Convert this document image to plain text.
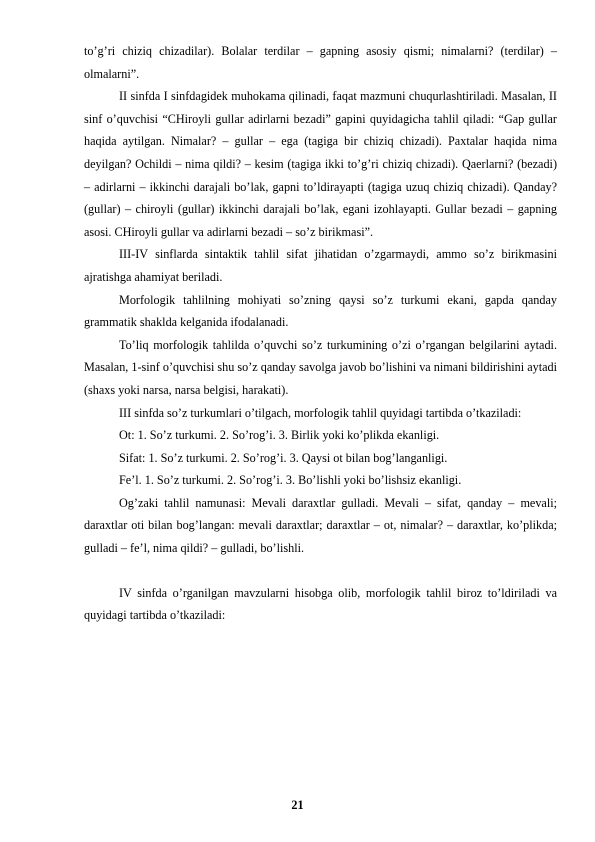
to’g’ri chiziq chizadilar). Bolalar terdilar – gapning asosiy qismi; nimalarni? (terdilar) – olmalarni”.

II sinfda I sinfdagidek muhokama qilinadi, faqat mazmuni chuqurlashtiriladi. Masalan, II sinf o’quvchisi “CHiroyli gullar adirlarni bezadi” gapini quyidagicha tahlil qiladi: “Gap gullar haqida aytilgan. Nimalar? – gullar – ega (tagiga bir chiziq chizadi). Paxtalar haqida nima deyilgan? Ochildi – nima qildi? – kesim (tagiga ikki to’g’ri chiziq chizadi). Qaerlarni? (bezadi) – adirlarni – ikkinchi darajali bo’lak, gapni to’ldirayapti (tagiga uzuq chiziq chizadi). Qanday? (gullar) – chiroyli (gullar) ikkinchi darajali bo’lak, egani izohlayapti. Gullar bezadi – gapning asosi. CHiroyli gullar va adirlarni bezadi – so’z birikmasi”.

III-IV sinflarda sintaktik tahlil sifat jihatidan o’zgarmaydi, ammo so’z birikmasini ajratishga ahamiyat beriladi.

Morfologik tahlilning mohiyati so’zning qaysi so’z turkumi ekani, gapda qanday grammatik shaklda kelganida ifodalanadi.

To’liq morfologik tahlilda o’quvchi so’z turkumining o’zi o’rgangan belgilarini aytadi. Masalan, 1-sinf o’quvchisi shu so’z qanday savolga javob bo’lishini va nimani bildirishini aytadi (shaxs yoki narsa, narsa belgisi, harakati).

III sinfda so’z turkumlari o’tilgach, morfologik tahlil quyidagi tartibda o’tkaziladi:

Ot: 1. So’z turkumi. 2. So’rog’i. 3. Birlik yoki ko’plikda ekanligi.

Sifat: 1. So’z turkumi. 2. So’rog’i. 3. Qaysi ot bilan bog’langanligi.

Fe’l. 1. So’z turkumi. 2. So’rog’i. 3. Bo’lishli yoki bo’lishsiz ekanligi.

Og’zaki tahlil namunasi: Mevali daraxtlar gulladi. Mevali – sifat, qanday – mevali; daraxtlar oti bilan bog’langan: mevali daraxtlar; daraxtlar – ot, nimalar? – daraxtlar, ko’plikda; gulladi – fe’l, nima qildi? – gulladi, bo’lishli.

IV sinfda o’rganilgan mavzularni hisobga olib, morfologik tahlil biroz to’ldiriladi va quyidagi tartibda o’tkaziladi:

21
